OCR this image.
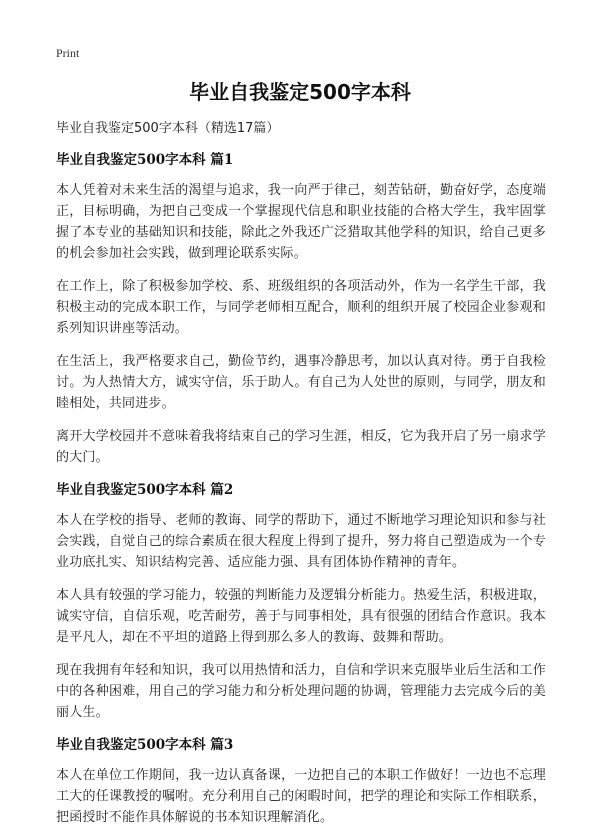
Print
毕业自我鉴定500字本科
毕业自我鉴定500字本科（精选17篇）
毕业自我鉴定500字本科 篇1

本人凭着对未来生活的渴望与追求，我一向严于律己，刻苦钻研，勤奋好学，态度端正，目标明确，为把自己变成一个掌握现代信息和职业技能的合格大学生，我牢固掌握了本专业的基础知识和技能，除此之外我还广泛猎取其他学科的知识，给自己更多的机会参加社会实践，做到理论联系实际。

在工作上，除了积极参加学校、系、班级组织的各项活动外，作为一名学生干部，我积极主动的完成本职工作，与同学老师相互配合，顺利的组织开展了校园企业参观和系列知识讲座等活动。

在生活上，我严格要求自己，勤俭节约，遇事冷静思考，加以认真对待。勇于自我检讨。为人热情大方，诚实守信，乐于助人。有自己为人处世的原则，与同学，朋友和睦相处，共同进步。

离开大学校园并不意味着我将结束自己的学习生涯，相反，它为我开启了另一扇求学的大门。

毕业自我鉴定500字本科 篇2

本人在学校的指导、老师的教诲、同学的帮助下，通过不断地学习理论知识和参与社会实践，自觉自己的综合素质在很大程度上得到了提升，努力将自己塑造成为一个专业功底扎实、知识结构完善、适应能力强、具有团体协作精神的青年。

本人具有较强的学习能力，较强的判断能力及逻辑分析能力。热爱生活，积极进取，诚实守信，自信乐观，吃苦耐劳，善于与同事相处，具有很强的团结合作意识。我本是平凡人，却在不平坦的道路上得到那么多人的教诲、鼓舞和帮助。

现在我拥有年轻和知识，我可以用热情和活力，自信和学识来克服毕业后生活和工作中的各种困难，用自己的学习能力和分析处理问题的协调，管理能力去完成今后的美丽人生。

毕业自我鉴定500字本科 篇3

本人在单位工作期间，我一边认真备课，一边把自己的本职工作做好！一边也不忘理工大的任课教授的嘱咐。充分利用自己的闲暇时间，把学的理论和实际工作相联系，把函授时不能作具体解说的书本知识理解消化。
